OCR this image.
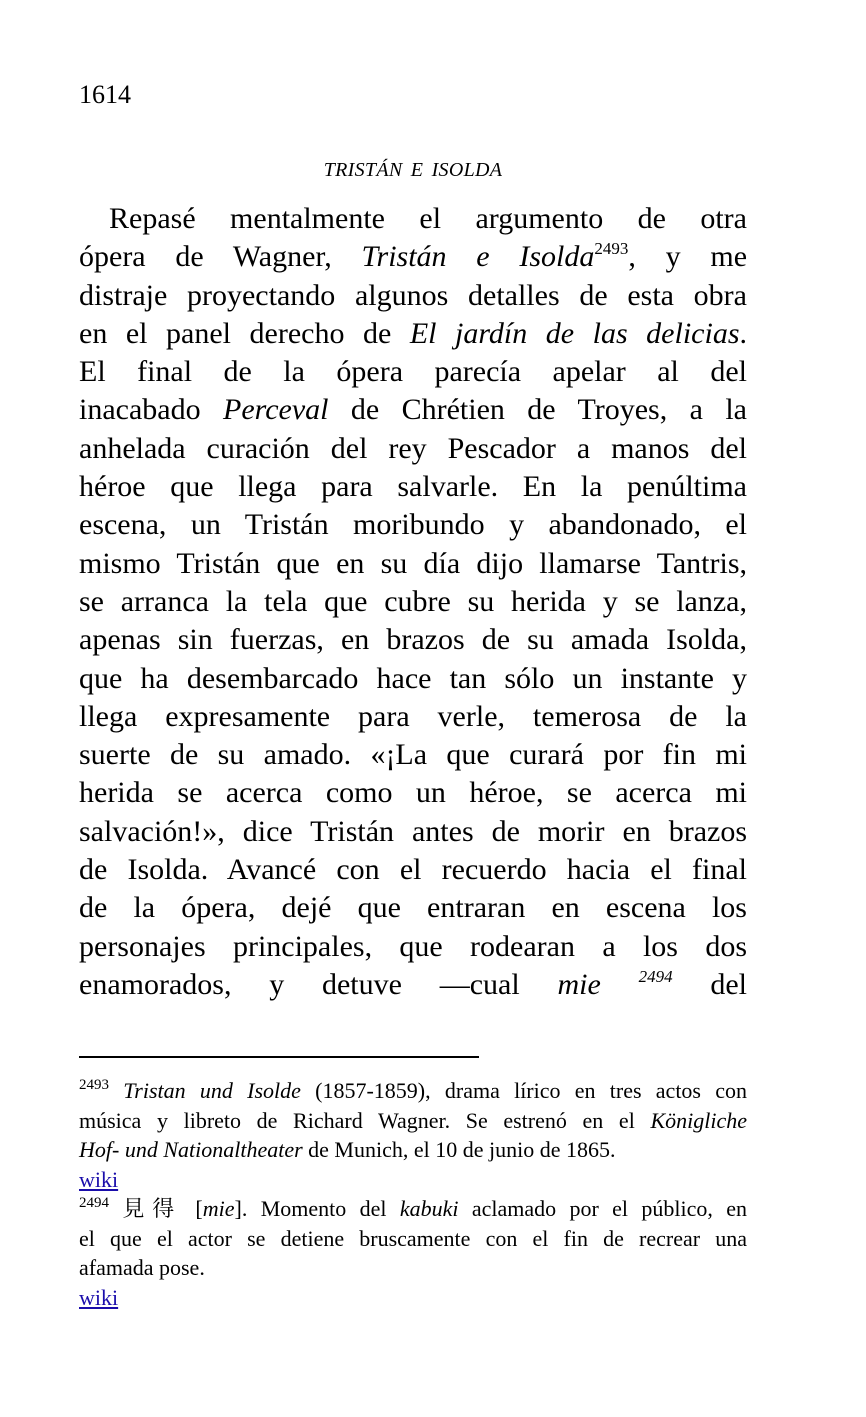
1614
TRISTÁN E ISOLDA
Repasé mentalmente el argumento de otra
ópera de Wagner, Tristán e Isolda$^{2493}$, y me
distraje proyectando algunos detalles de esta obra
en el panel derecho de El jardín de las delicias.
El final de la ópera parecía apelar al del
inacabado Perceval de Chrétien de Troyes, a la
anhelada curación del rey Pescador a manos del
héroe que llega para salvarle. En la penúltima
escena, un Tristán moribundo y abandonado, el
mismo Tristán que en su día dijo llamarse Tantris,
se arranca la tela que cubre su herida y se lanza,
apenas sin fuerzas, en brazos de su amada Isolda,
que ha desembarcado hace tan sólo un instante y
llega expresamente para verle, temerosa de la
suerte de su amado. «¡La que curará por fin mi
herida se acerca como un héroe, se acerca mi
salvación!», dice Tristán antes de morir en brazos
de Isolda. Avancé con el recuerdo hacia el final
de la ópera, dejé que entraran en escena los
personajes principales, que rodearan a los dos
enamorados, y detuve —cual mie $^{2494}$ del
$^{2493}$ Tristan und Isolde (1857-1859), drama lírico en tres actos con
música y libreto de Richard Wagner. Se estrenó en el Königliche
Hof- und Nationaltheater de Munich, el 10 de junio de 1865.
wiki
$^{2494}$ 見得 [mie]. Momento del kabuki aclamado por el público, en
el que el actor se detiene bruscamente con el fin de recrear una
afamada pose.
wiki
